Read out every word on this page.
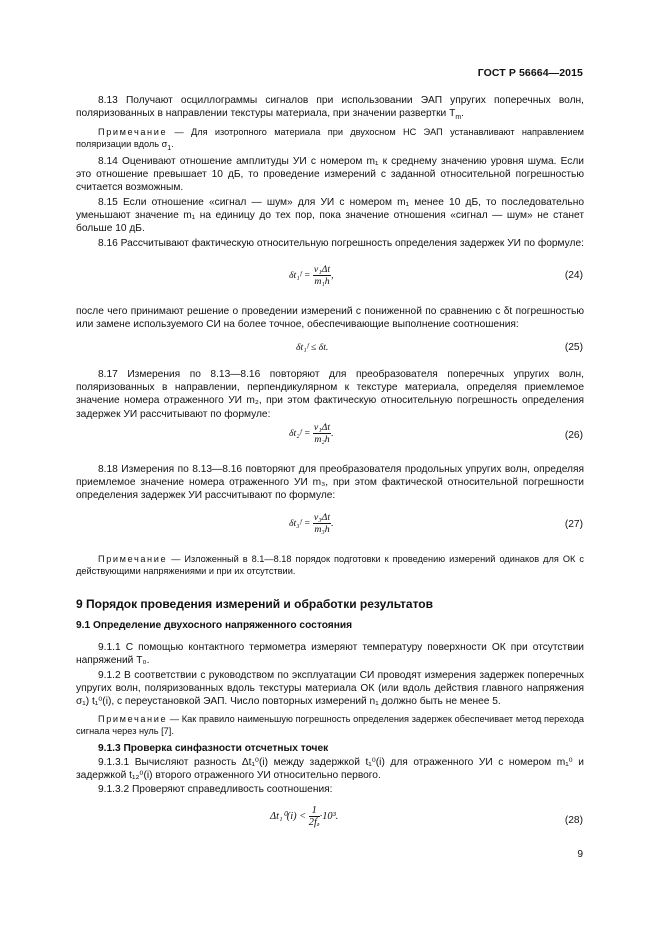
ГОСТ Р 56664—2015

8.13 Получают осциллограммы сигналов при использовании ЭАП упругих поперечных волн, поляризованных в направлении текстуры материала, при значении развертки $T_m$.

Примечание — Для изотропного материала при двухосном НС ЭАП устанавливают направлением поляризации вдоль $\sigma_1$.

8.14 Оценивают отношение амплитуды УИ с номером m₁ к среднему значению уровня шума. Если это отношение превышает 10 дБ, то проведение измерений с заданной относительной погрешностью считается возможным.

8.15 Если отношение «сигнал — шум» для УИ с номером m₁ менее 10 дБ, то последовательно уменьшают значение m₁ на единицу до тех пор, пока значение отношения «сигнал — шум» не станет больше 10 дБ.

8.16 Рассчитывают фактическую относительную погрешность определения задержек УИ по формуле:

δt₁ᶠ = $\frac{\text{v₁Δt}}{\text{m₁h}}$ ,	(24)

после чего принимают решение о проведении измерений с пониженной по сравнению с δt погрешностью или замене используемого СИ на более точное, обеспечивающие выполнение соотношения:

δt₁ᶠ ≤ δt.	(25)

8.17 Измерения по 8.13—8.16 повторяют для преобразователя поперечных упругих волн, поляризованных в направлении, перпендикулярном к текстуре материала, определяя приемлемое значение номера отраженного УИ m₂, при этом фактическую относительную погрешность определения задержек УИ рассчитывают по формуле:

δt₂ᶠ = $\frac{\text{v₁Δt}}{\text{m₂h}}$ .	(26)

8.18 Измерения по 8.13—8.16 повторяют для преобразователя продольных упругих волн, определяя приемлемое значение номера отраженного УИ m₃, при этом фактической относительной погрешности определения задержек УИ рассчитывают по формуле:

δt₃ᶠ = $\frac{\text{v₃Δt}}{\text{m₃h}}$ .	(27)

Примечание — Изложенный в 8.1—8.18 порядок подготовки к проведению измерений одинаков для ОК с действующими напряжениями и при их отсутствии.

9 Порядок проведения измерений и обработки результатов
9.1 Определение двухосного напряженного состояния

9.1.1 С помощью контактного термометра измеряют температуру поверхности ОК при отсутствии напряжений T₀.

9.1.2 В соответствии с руководством по эксплуатации СИ проводят измерения задержек поперечных упругих волн, поляризованных вдоль текстуры материала ОК (или вдоль действия главного напряжения σ₁) t₁⁰(i), с переустановкой ЭАП. Число повторных измерений n₁ должно быть не менее 5.

Примечание — Как правило наименьшую погрешность определения задержек обеспечивает метод перехода сигнала через нуль [7].

9.1.3 Проверка синфазности отсчетных точек

9.1.3.1 Вычисляют разность Δt₁⁰(i) между задержкой t₁⁰(i) для отраженного УИ с номером m₁⁰ и задержкой t₁₂⁰(i) второго отраженного УИ относительно первого.

9.1.3.2 Проверяют справедливость соотношения:

$\Delta t_1^0(i) < \frac{1}{\text{2fₔ}} \cdot 10^3$.	(28)
9
